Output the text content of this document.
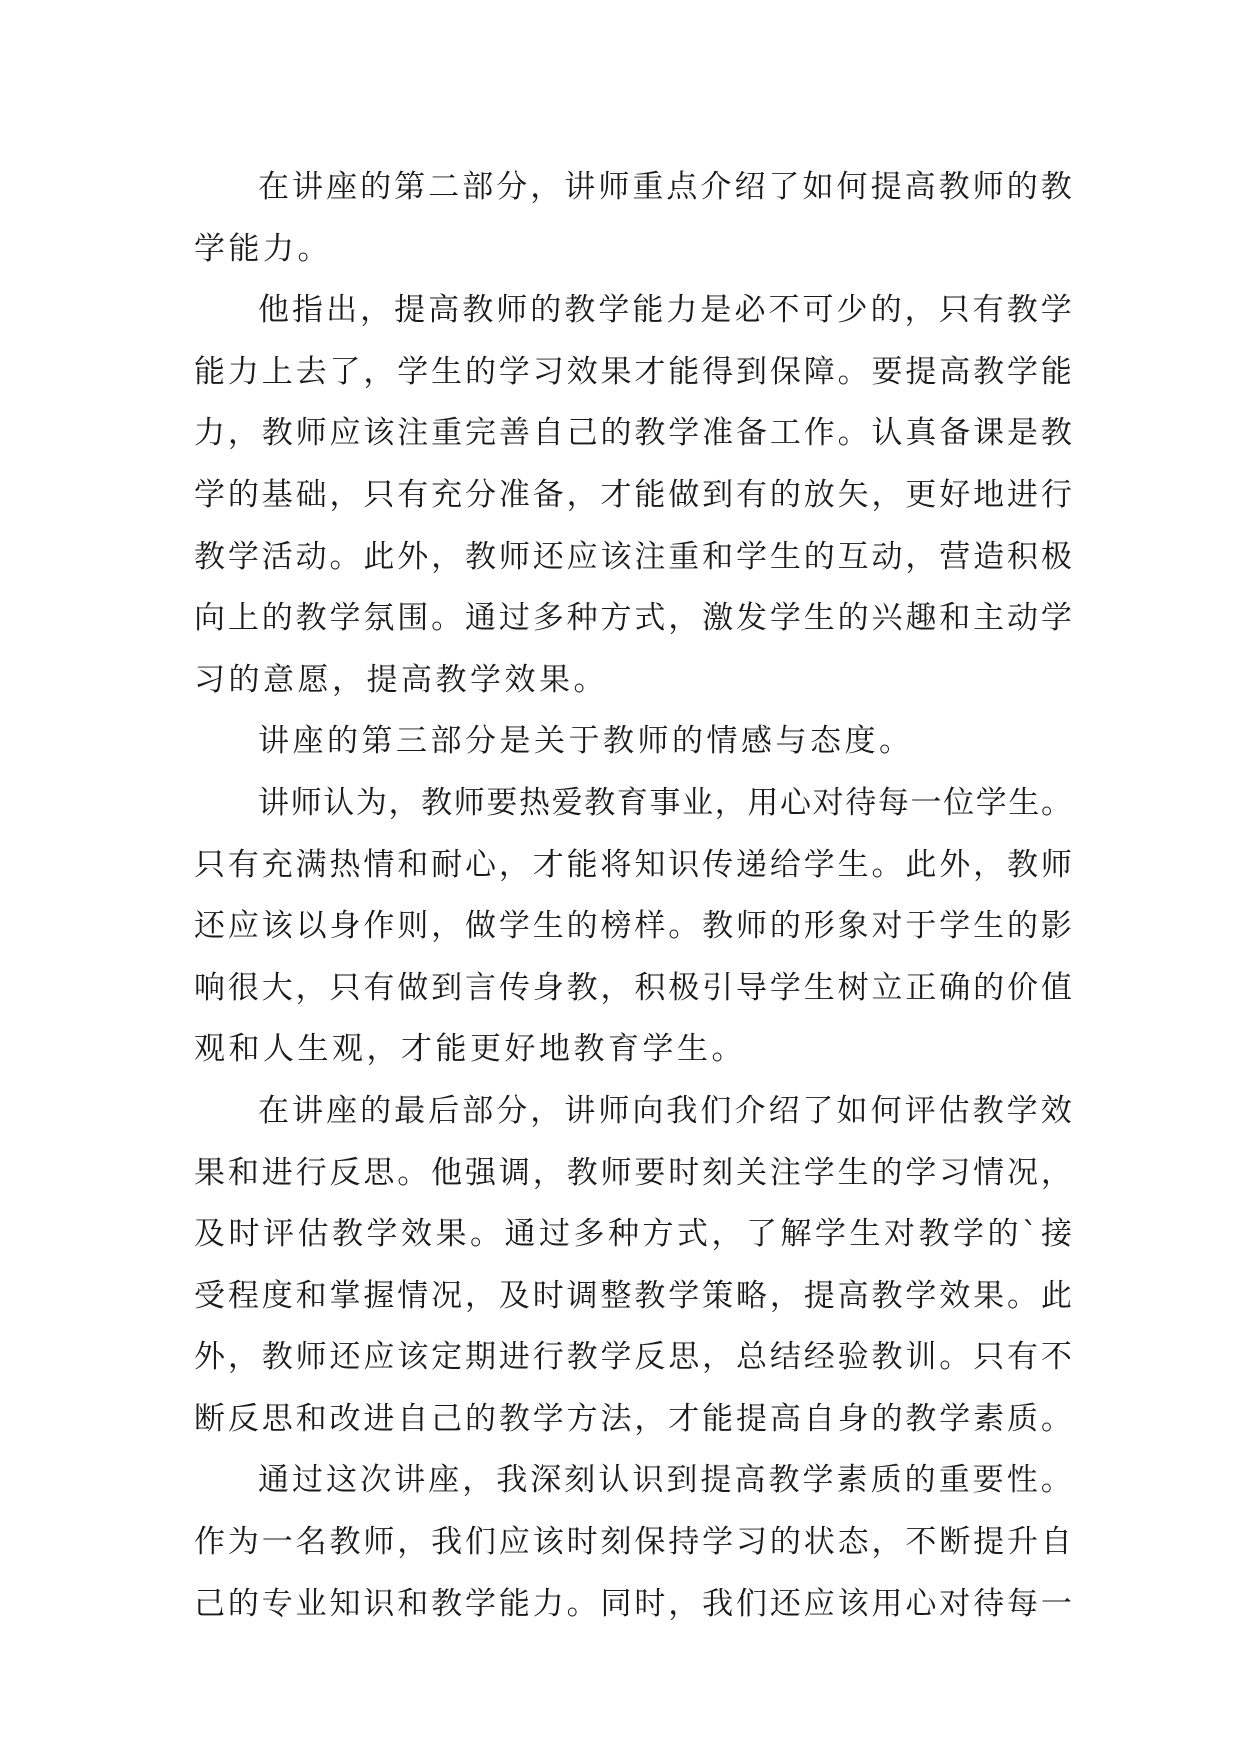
在 讲 座 的 第 二 部 分 ， 讲 师 重 点 介 绍 了 如 何 提 高 教 师 的 教
学能力。
他 指 出 ， 提 高 教 师 的 教 学 能 力 是 必 不 可 少 的 ， 只 有 教 学
能 力 上 去 了 ， 学 生 的 学 习 效 果 才 能 得 到 保 障 。 要 提 高 教 学 能
力 ， 教 师 应 该 注 重 完 善 自 己 的 教 学 准 备 工 作 。 认 真 备 课 是 教
学 的 基 础 ， 只 有 充 分 准 备 ， 才 能 做 到 有 的 放 矢 ， 更 好 地 进 行
教 学 活 动 。 此 外 ， 教 师 还 应 该 注 重 和 学 生 的 互 动 ， 营 造 积 极
向 上 的 教 学 氛 围 。 通 过 多 种 方 式 ， 激 发 学 生 的 兴 趣 和 主 动 学
习的意愿，提高教学效果。
讲座的第三部分是关于教师的情感与态度。
讲 师 认 为 ， 教 师 要 热 爱 教 育 事 业 ， 用 心 对 待 每 一 位 学 生 。
只 有 充 满 热 情 和 耐 心 ， 才 能 将 知 识 传 递 给 学 生 。 此 外 ， 教 师
还 应 该 以 身 作 则 ， 做 学 生 的 榜 样 。 教 师 的 形 象 对 于 学 生 的 影
响 很 大 ， 只 有 做 到 言 传 身 教 ， 积 极 引 导 学 生 树 立 正 确 的 价 值
观和人生观，才能更好地教育学生。
在 讲 座 的 最 后 部 分 ， 讲 师 向 我 们 介 绍 了 如 何 评 估 教 学 效
果 和 进 行 反 思 。 他 强 调 ， 教 师 要 时 刻 关 注 学 生 的 学 习 情 况 ，
及 时 评 估 教 学 效 果 。 通 过 多 种 方 式 ， 了 解 学 生 对 教 学 的 ` 接
受 程 度 和 掌 握 情 况 ， 及 时 调 整 教 学 策 略 ， 提 高 教 学 效 果 。 此
外 ， 教 师 还 应 该 定 期 进 行 教 学 反 思 ， 总 结 经 验 教 训 。 只 有 不
断 反 思 和 改 进 自 己 的 教 学 方 法 ， 才 能 提 高 自 身 的 教 学 素 质 。
通 过 这 次 讲 座 ， 我 深 刻 认 识 到 提 高 教 学 素 质 的 重 要 性 。
作 为 一 名 教 师 ， 我 们 应 该 时 刻 保 持 学 习 的 状 态 ， 不 断 提 升 自
己 的 专 业 知 识 和 教 学 能 力 。 同 时 ， 我 们 还 应 该 用 心 对 待 每 一
